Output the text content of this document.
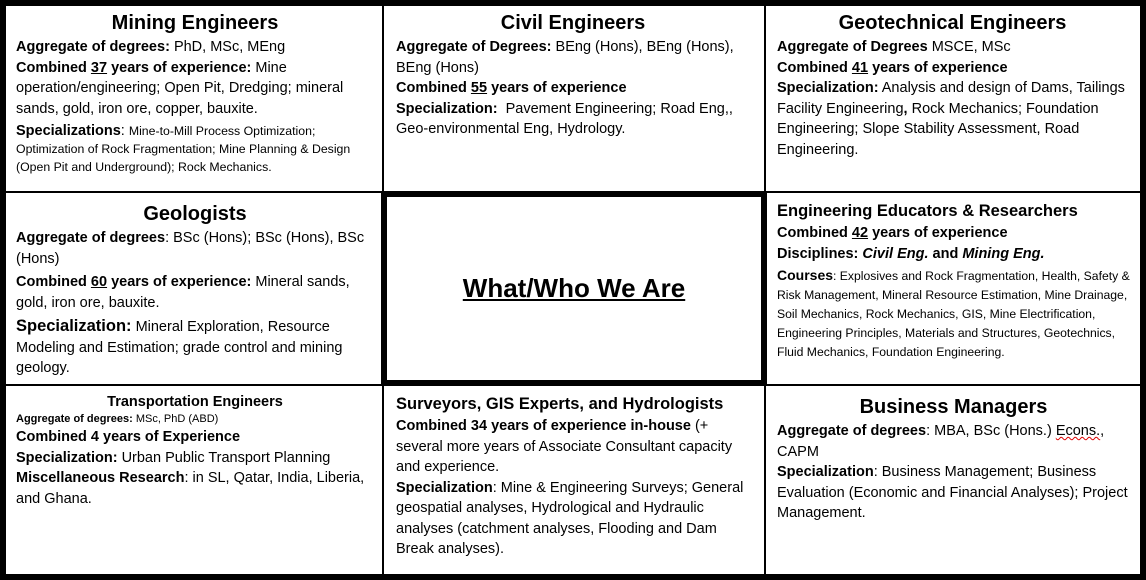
Mining Engineers
Aggregate of degrees: PhD, MSc, MEng
Combined 37 years of experience: Mine operation/engineering; Open Pit, Dredging; mineral sands, gold, iron ore, copper, bauxite.
Specializations: Mine-to-Mill Process Optimization; Optimization of Rock Fragmentation; Mine Planning & Design (Open Pit and Underground); Rock Mechanics.
Civil Engineers
Aggregate of Degrees: BEng (Hons), BEng (Hons), BEng (Hons)
Combined 55 years of experience
Specialization: Pavement Engineering; Road Eng,, Geo-environmental Eng, Hydrology.
Geotechnical Engineers
Aggregate of Degrees MSCE, MSc
Combined 41 years of experience
Specialization: Analysis and design of Dams, Tailings Facility Engineering, Rock Mechanics; Foundation Engineering; Slope Stability Assessment, Road Engineering.
Geologists
Aggregate of degrees: BSc (Hons); BSc (Hons), BSc (Hons)
Combined 60 years of experience: Mineral sands, gold, iron ore, bauxite.
Specialization: Mineral Exploration, Resource Modeling and Estimation; grade control and mining geology.
What/Who We Are
Engineering Educators & Researchers
Combined 42 years of experience
Disciplines: Civil Eng. and Mining Eng.
Courses: Explosives and Rock Fragmentation, Health, Safety & Risk Management, Mineral Resource Estimation, Mine Drainage, Soil Mechanics, Rock Mechanics, GIS, Mine Electrification, Engineering Principles, Materials and Structures, Geotechnics, Fluid Mechanics, Foundation Engineering.
Transportation Engineers
Aggregate of degrees: MSc, PhD (ABD)
Combined 4 years of Experience
Specialization: Urban Public Transport Planning
Miscellaneous Research: in SL, Qatar, India, Liberia, and Ghana.
Surveyors, GIS Experts, and Hydrologists
Combined 34 years of experience in-house (+ several more years of Associate Consultant capacity and experience.
Specialization: Mine & Engineering Surveys; General geospatial analyses, Hydrological and Hydraulic analyses (catchment analyses, Flooding and Dam Break analyses).
Business Managers
Aggregate of degrees: MBA, BSc (Hons.) Econs., CAPM
Specialization: Business Management; Business Evaluation (Economic and Financial Analyses); Project Management.
